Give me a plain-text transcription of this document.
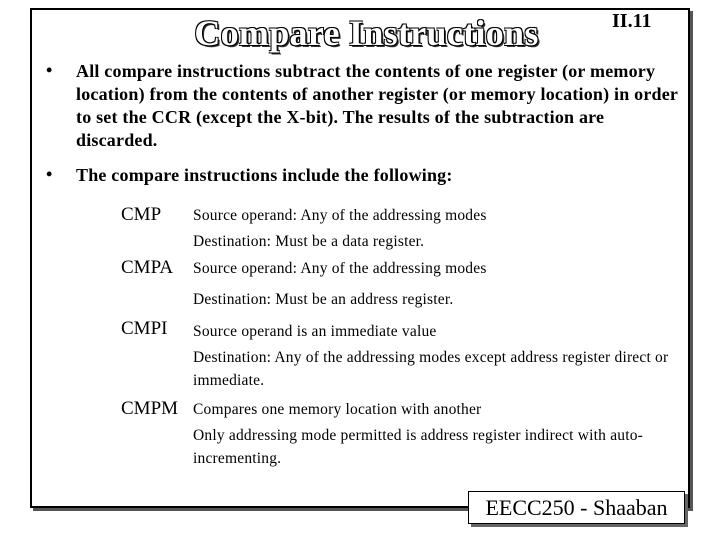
Compare Instructions	II.11
• All compare instructions subtract the contents of one register (or memory location) from the contents of another register (or memory location) in order to set the CCR (except the X-bit). The results of the subtraction are discarded.
• The compare instructions include the following:
CMP Source operand: Any of the addressing modes
Destination: Must be a data register.
CMPA Source operand: Any of the addressing modes
Destination: Must be an address register.
CMPI Source operand is an immediate value
Destination: Any of the addressing modes except address register direct or immediate.
CMPM Compares one memory location with another
Only addressing mode permitted is address register indirect with auto- incrementing.
EECC250 - Shaaban
